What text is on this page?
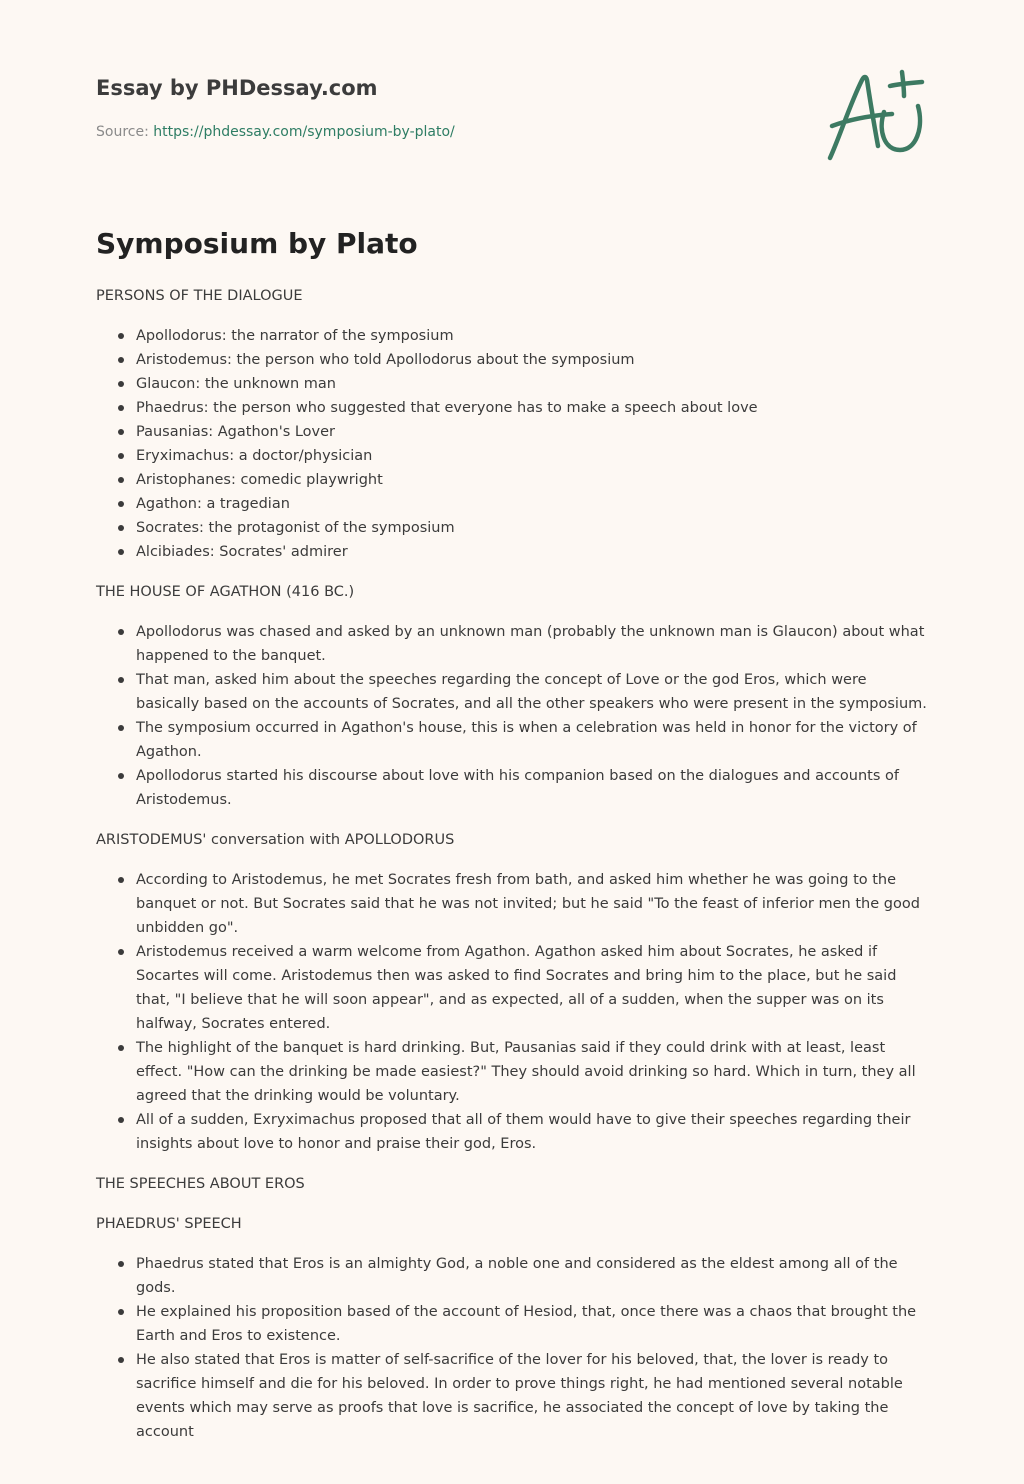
Essay by PHDessay.com
Source: https://phdessay.com/symposium-by-plato/
Symposium by Plato

PERSONS OF THE DIALOGUE

Apollodorus: the narrator of the symposium
Aristodemus: the person who told Apollodorus about the symposium
Glaucon: the unknown man
Phaedrus: the person who suggested that everyone has to make a speech about love
Pausanias: Agathon's Lover
Eryximachus: a doctor/physician
Aristophanes: comedic playwright
Agathon: a tragedian
Socrates: the protagonist of the symposium
Alcibiades: Socrates' admirer

THE HOUSE OF AGATHON (416 BC.)

Apollodorus was chased and asked by an unknown man (probably the unknown man is Glaucon) about what happened to the banquet.
That man, asked him about the speeches regarding the concept of Love or the god Eros, which were basically based on the accounts of Socrates, and all the other speakers who were present in the symposium.
The symposium occurred in Agathon's house, this is when a celebration was held in honor for the victory of Agathon.
Apollodorus started his discourse about love with his companion based on the dialogues and accounts of Aristodemus.

ARISTODEMUS' conversation with APOLLODORUS

According to Aristodemus, he met Socrates fresh from bath, and asked him whether he was going to the banquet or not. But Socrates said that he was not invited; but he said "To the feast of inferior men the good unbidden go".
Aristodemus received a warm welcome from Agathon. Agathon asked him about Socrates, he asked if Socartes will come. Aristodemus then was asked to find Socrates and bring him to the place, but he said that, "I believe that he will soon appear", and as expected, all of a sudden, when the supper was on its halfway, Socrates entered.
The highlight of the banquet is hard drinking. But, Pausanias said if they could drink with at least, least effect. "How can the drinking be made easiest?" They should avoid drinking so hard. Which in turn, they all agreed that the drinking would be voluntary.
All of a sudden, Exryximachus proposed that all of them would have to give their speeches regarding their insights about love to honor and praise their god, Eros.

THE SPEECHES ABOUT EROS

PHAEDRUS' SPEECH

Phaedrus stated that Eros is an almighty God, a noble one and considered as the eldest among all of the gods.
He explained his proposition based of the account of Hesiod, that, once there was a chaos that brought the Earth and Eros to existence.
He also stated that Eros is matter of self-sacrifice of the lover for his beloved, that, the lover is ready to sacrifice himself and die for his beloved. In order to prove things right, he had mentioned several notable events which may serve as proofs that love is sacrifice, he associated the concept of love by taking the account
